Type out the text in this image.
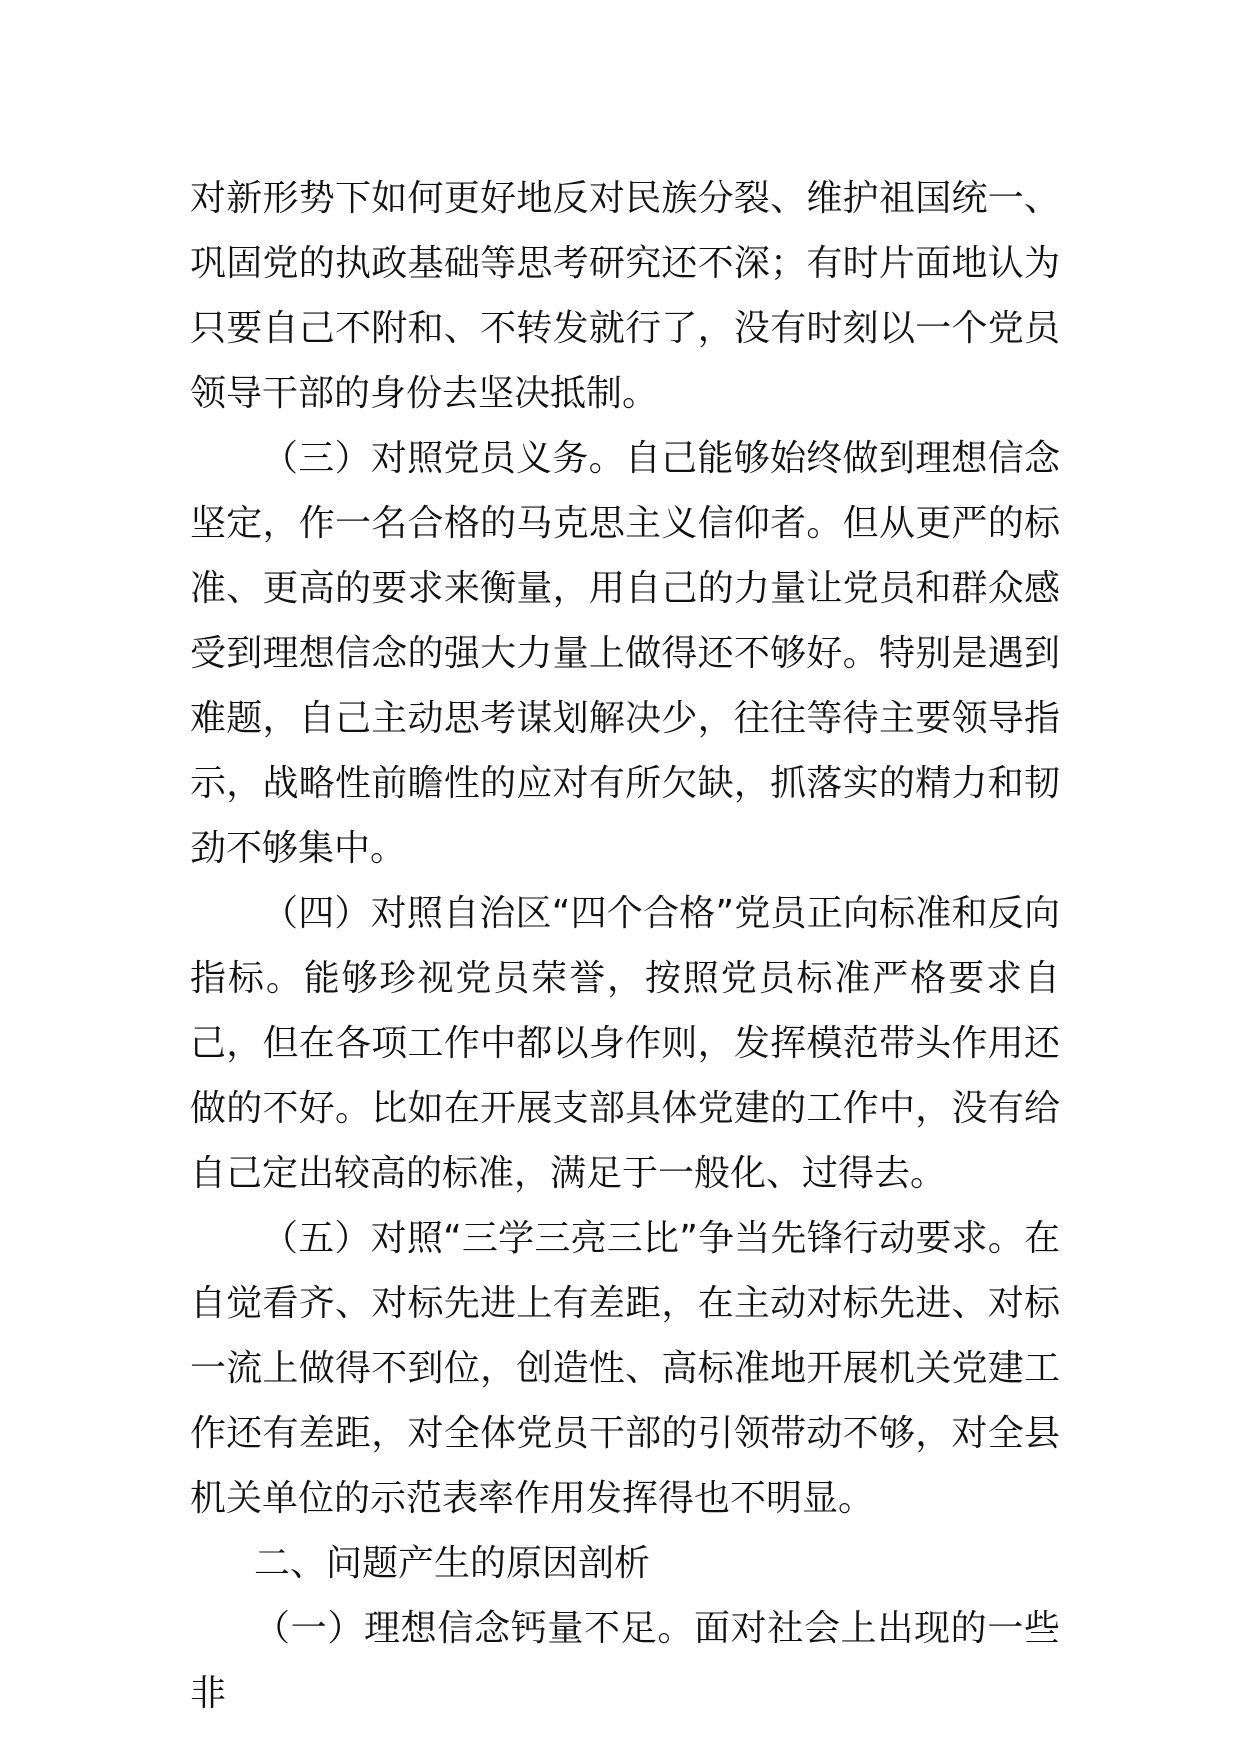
对新形势下如何更好地反对民族分裂、维护祖国统一、巩固党的执政基础等思考研究还不深；有时片面地认为只要自己不附和、不转发就行了，没有时刻以一个党员领导干部的身份去坚决抵制。

（三）对照党员义务。自己能够始终做到理想信念坚定，作一名合格的马克思主义信仰者。但从更严的标准、更高的要求来衡量，用自己的力量让党员和群众感受到理想信念的强大力量上做得还不够好。特别是遇到难题，自己主动思考谋划解决少，往往等待主要领导指示，战略性前瞻性的应对有所欠缺，抓落实的精力和韧劲不够集中。

（四）对照自治区“四个合格”党员正向标准和反向指标。能够珍视党员荣誉，按照党员标准严格要求自己，但在各项工作中都以身作则，发挥模范带头作用还做的不好。比如在开展支部具体党建的工作中，没有给自己定出较高的标准，满足于一般化、过得去。

（五）对照“三学三亮三比”争当先锋行动要求。在自觉看齐、对标先进上有差距，在主动对标先进、对标一流上做得不到位，创造性、高标准地开展机关党建工作还有差距，对全体党员干部的引领带动不够，对全县机关单位的示范表率作用发挥得也不明显。

二、问题产生的原因剖析

（一）理想信念钙量不足。面对社会上出现的一些非
